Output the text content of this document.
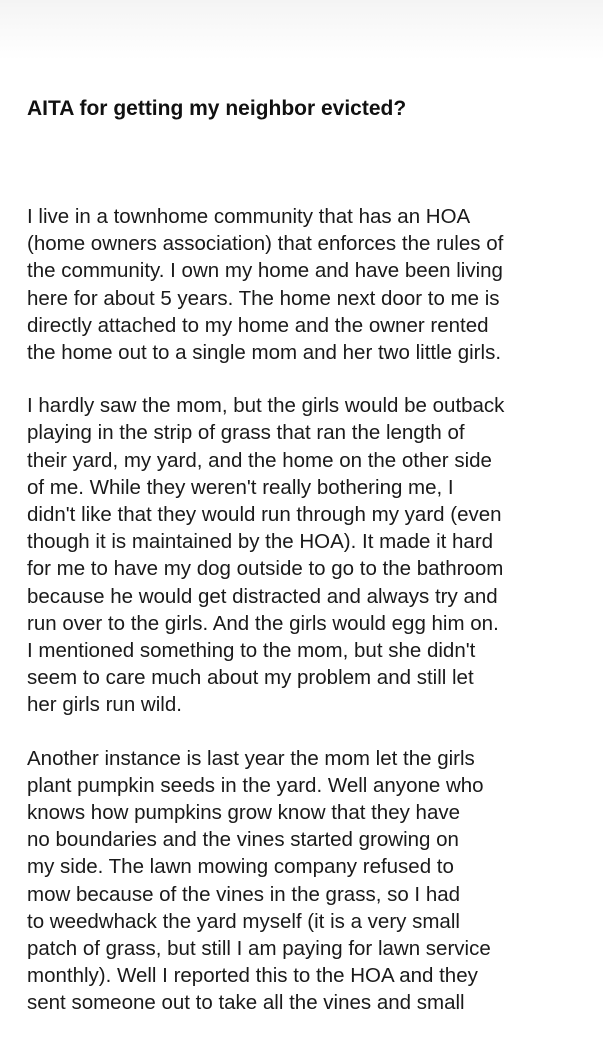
AITA for getting my neighbor evicted?

I live in a townhome community that has an HOA
(home owners association) that enforces the rules of
the community. I own my home and have been living
here for about 5 years. The home next door to me is
directly attached to my home and the owner rented
the home out to a single mom and her two little girls.

I hardly saw the mom, but the girls would be outback
playing in the strip of grass that ran the length of
their yard, my yard, and the home on the other side
of me. While they weren't really bothering me, I
didn't like that they would run through my yard (even
though it is maintained by the HOA). It made it hard
for me to have my dog outside to go to the bathroom
because he would get distracted and always try and
run over to the girls. And the girls would egg him on.
I mentioned something to the mom, but she didn't
seem to care much about my problem and still let
her girls run wild.

Another instance is last year the mom let the girls
plant pumpkin seeds in the yard. Well anyone who
knows how pumpkins grow know that they have
no boundaries and the vines started growing on
my side. The lawn mowing company refused to
mow because of the vines in the grass, so I had
to weedwhack the yard myself (it is a very small
patch of grass, but still I am paying for lawn service
monthly). Well I reported this to the HOA and they
sent someone out to take all the vines and small
